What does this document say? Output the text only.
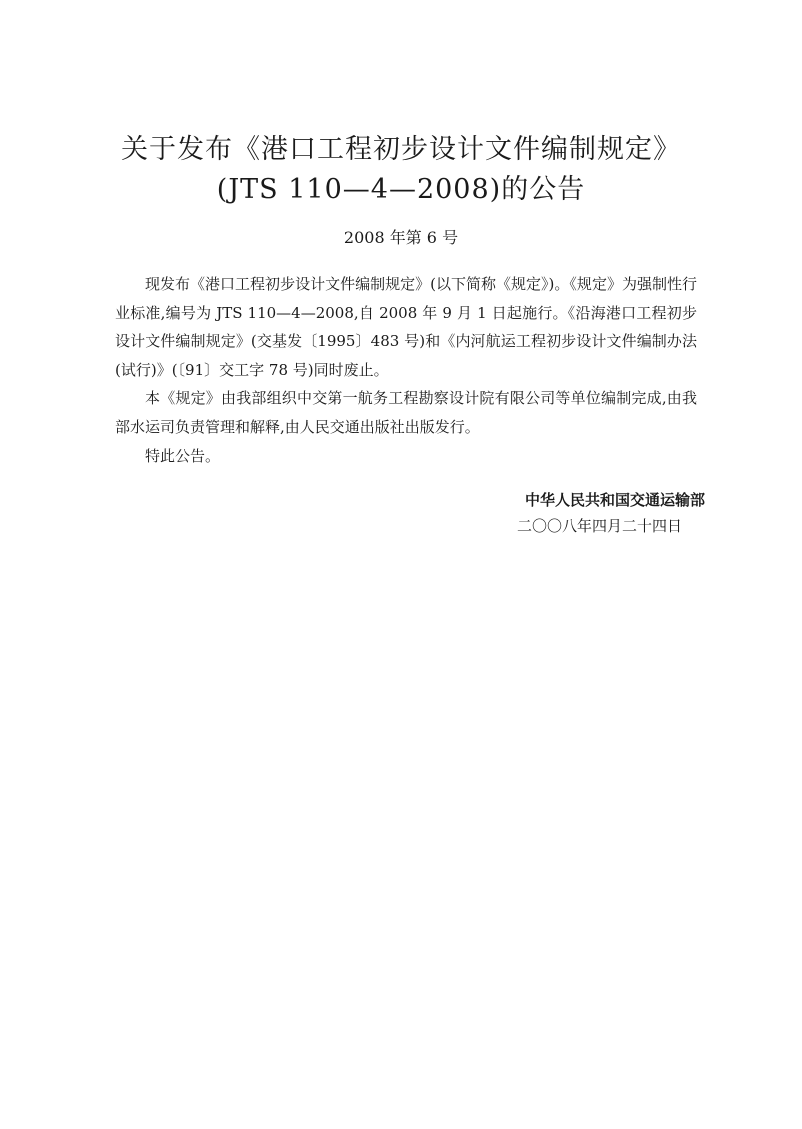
关于发布《港口工程初步设计文件编制规定》
(JTS 110—4—2008)的公告
2008 年第 6 号

现发布《港口工程初步设计文件编制规定》(以下简称《规定》)。《规定》为强制性行业标准,编号为 JTS 110—4—2008,自 2008 年 9 月 1 日起施行。《沿海港口工程初步设计文件编制规定》(交基发〔1995〕483 号)和《内河航运工程初步设计文件编制办法(试行)》(〔91〕交工字 78 号)同时废止。

本《规定》由我部组织中交第一航务工程勘察设计院有限公司等单位编制完成,由我部水运司负责管理和解释,由人民交通出版社出版发行。

特此公告。

中华人民共和国交通运输部
二〇〇八年四月二十四日
